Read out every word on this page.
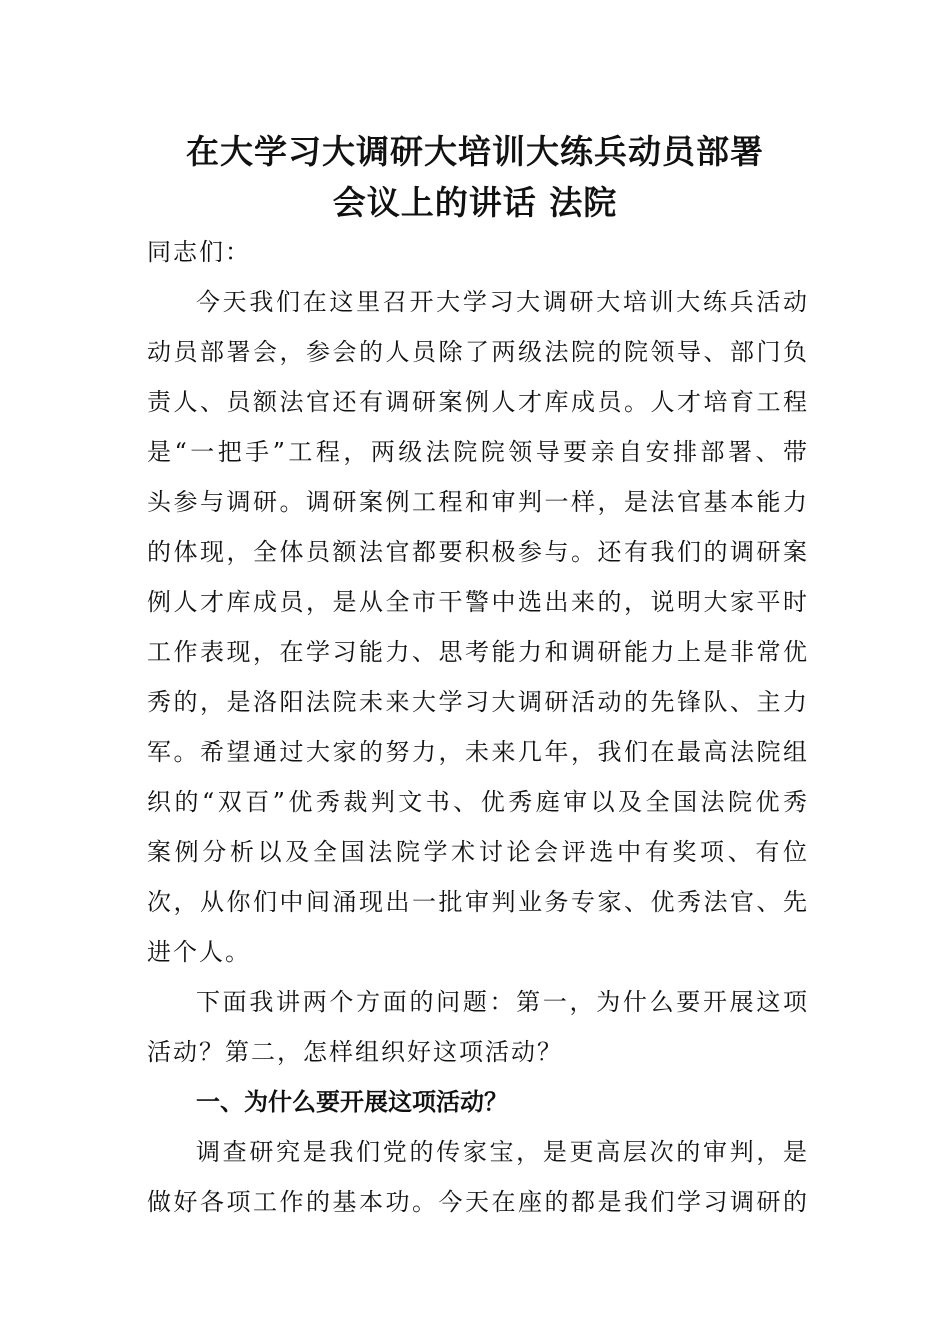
在大学习大调研大培训大练兵动员部署
会议上的讲话 法院

同志们：

今天我们在这里召开大学习大调研大培训大练兵活动

动员部署会，参会的人员除了两级法院的院领导、部门负

责人、员额法官还有调研案例人才库成员。人才培育工程

是“一把手”工程，两级法院院领导要亲自安排部署、带

头参与调研。调研案例工程和审判一样，是法官基本能力

的体现，全体员额法官都要积极参与。还有我们的调研案

例人才库成员，是从全市干警中选出来的，说明大家平时

工作表现，在学习能力、思考能力和调研能力上是非常优

秀的，是洛阳法院未来大学习大调研活动的先锋队、主力

军。希望通过大家的努力，未来几年，我们在最高法院组

织的“双百”优秀裁判文书、优秀庭审以及全国法院优秀

案例分析以及全国法院学术讨论会评选中有奖项、有位

次，从你们中间涌现出一批审判业务专家、优秀法官、先

进个人。

下面我讲两个方面的问题：第一，为什么要开展这项

活动？第二，怎样组织好这项活动？

一、为什么要开展这项活动？

调查研究是我们党的传家宝，是更高层次的审判，是

做好各项工作的基本功。今天在座的都是我们学习调研的
